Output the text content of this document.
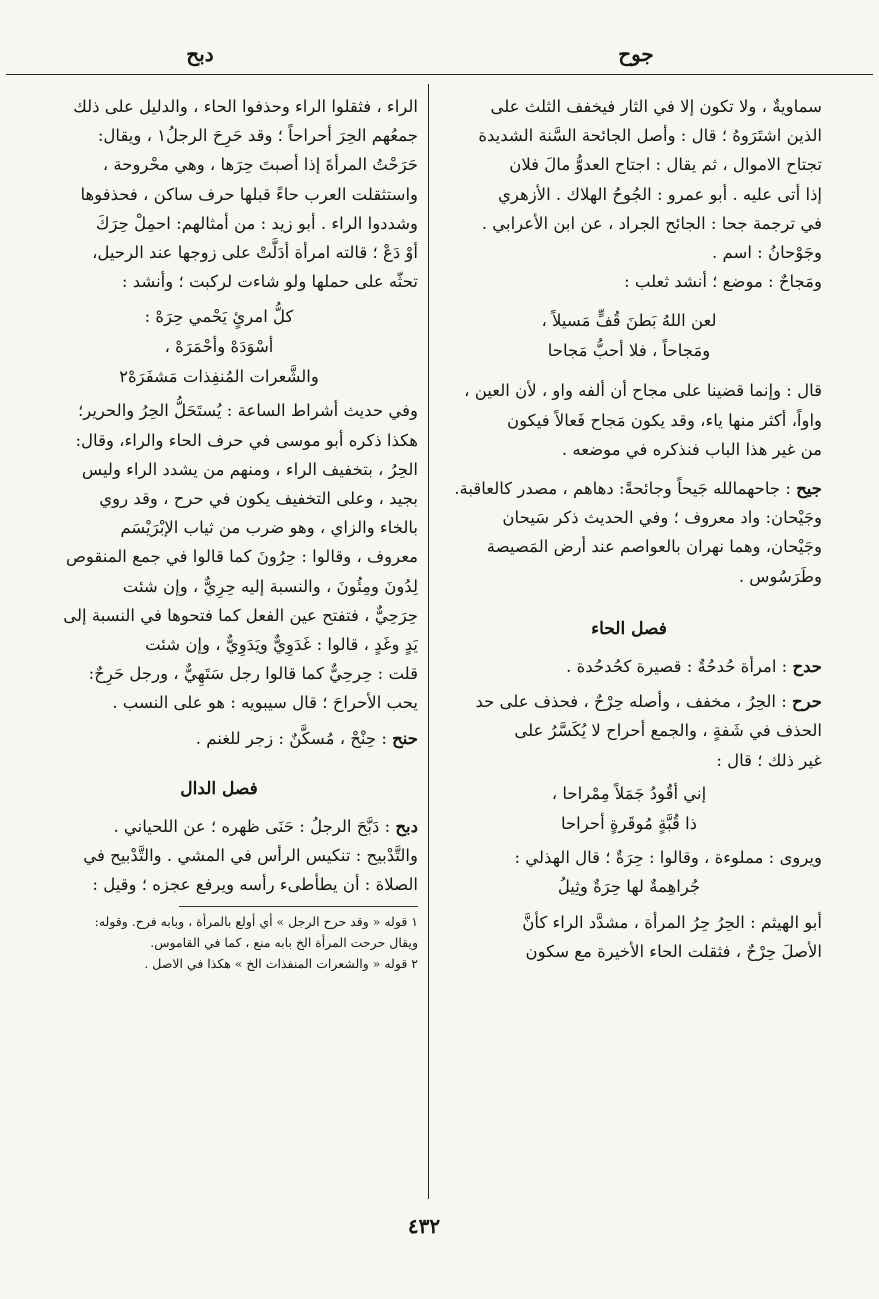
جوح
دبح

سماويةٌ ، ولا تكون إلا في الثار فيخفف الثلث على

الذين اشتَرَوهُ ؛ قال : وأصل الجائحة السَّنة الشديدة

تجتاح الاموال ، ثم يقال : اجتاح العدوُّ مالَ فلان

إذا أتى عليه . أبو عمرو : الجُوحُ الهلاك . الأزهري

في ترجمة جحا : الجائح الجراد ، عن ابن الأعرابي .

وجَوْحانُ : اسم .

ومَجاحٌ : موضع ؛ أنشد ثعلب :

لعن اللهُ بَطنَ قُفٍّ مَسيلاً ،

ومَجاحاً ، فلا أحبُّ مَجاحا

قال : وإنما قضينا على مجاح أن ألفه واو ، لأن العين ،

واواً، أكثر منها ياء، وقد يكون مَجاح فَعالاً فيكون

من غير هذا الباب فنذكره في موضعه .

جيح : جاحهمالله جَيحاً وجائحةً: دهاهم ، مصدر كالعاقبة.

وجَيْحان: واد معروف ؛ وفي الحديث ذكر سَيحان

وجَيْحان، وهما نهران بالعواصم عند أرض المَصيصة

وطَرَسُوس .

فصل الحاء

حدح : امرأة حُدحُةٌ : قصيرة كحُدحُدة .

حرح : الحِرُ ، مخفف ، وأصله حِرْحٌ ، فحذف على حد

الحذف في شَفةٍ ، والجمع أحراح لا يُكَسَّرُ على

غير ذلك ؛ قال :

إني أقُودُ جَمَلاً مِمْراحا ،

ذا قُبَّةٍ مُوقَرةٍ أحراحا

ويروى : مملوءة ، وقالوا : حِرَةٌ ؛ قال الهذلي :

جُراهِمةٌ لها حِرَةٌ وثِيلُ

أبو الهيثم : الحِرُ حِرُ المرأة ، مشدَّد الراء كأنَّ

الأصلَ حِرْحٌ ، فثقلت الحاء الأخيرة مع سكون

الراء ، فثقلوا الراء وحذفوا الحاء ، والدليل على ذلك

جمعُهم الحِرَ أحراحاً ؛ وقد حَرِحَ الرجلُ١ ، ويقال:

حَرَحْتُ المرأةَ إذا أصبتَ حِرَها ، وهي محْروحة ،

واستثقلت العرب حاءً قبلها حرف ساكن ، فحذفوها

وشددوا الراء . أبو زيد : من أمثالهم: احمِلْ حِرَكَ

أوْ دَعْ ؛ قالته امرأة أدَلَّتْ على زوجها عند الرحيل،

تحثّه على حملها ولو شاءت لركبت ؛ وأنشد :

كلُّ امرئٍ يَحْمي حِرَهْ :

أسْوَدَهْ وأحْمَرَهْ ،

والشَّعرات المُنفِذات مَشفَرَهْ٢

وفي حديث أشراط الساعة : يُستَحَلُّ الحِرُ والحرير؛

هكذا ذكره أبو موسى في حرف الحاء والراء، وقال:

الحِرُ ، بتخفيف الراء ، ومنهم من يشدد الراء وليس

بجيد ، وعلى التخفيف يكون في حرح ، وقد روي

بالخاء والزاي ، وهو ضرب من ثياب الإبْرَيْسَم

معروف ، وقالوا : حِرُونَ كما قالوا في جمع المنقوص

لِدُونَ ومِئُونَ ، والنسبة إليه حِرِيٌّ ، وإن شئت

حِرَحِيٌّ ، فتفتح عين الفعل كما فتحوها في النسبة إلى

يَدٍ وغَدٍ ، قالوا : غَدَوِيٌّ ويَدَوِيٌّ ، وإن شئت

قلت : حِرحِيٌّ كما قالوا رجل سَتَهِيٌّ ، ورجل حَرِحٌ:

يحب الأحراحَ ؛ قال سيبويه : هو على النسب .

حنح : حِنْحْ ، مُسكَّنٌ : زجر للغنم .

فصل الدال

دبح : دَبَّحَ الرجلُ : حَنَى ظهره ؛ عن اللحياني .

والتَّدْبيح : تنكيس الرأس في المشي . والتَّدْبيح في

الصلاة : أن يطأطىء رأسه ويرفع عجزه ؛ وقيل :

١ قوله « وقد حرح الرجل » أي أولع بالمرأة ، وبابه فرح. وقوله:

ويقال حرحت المرأة الخ بابه منع ، كما في القاموس.

٢ قوله « والشعرات المنفذات الخ » هكذا في الاصل .

٤٣٢
